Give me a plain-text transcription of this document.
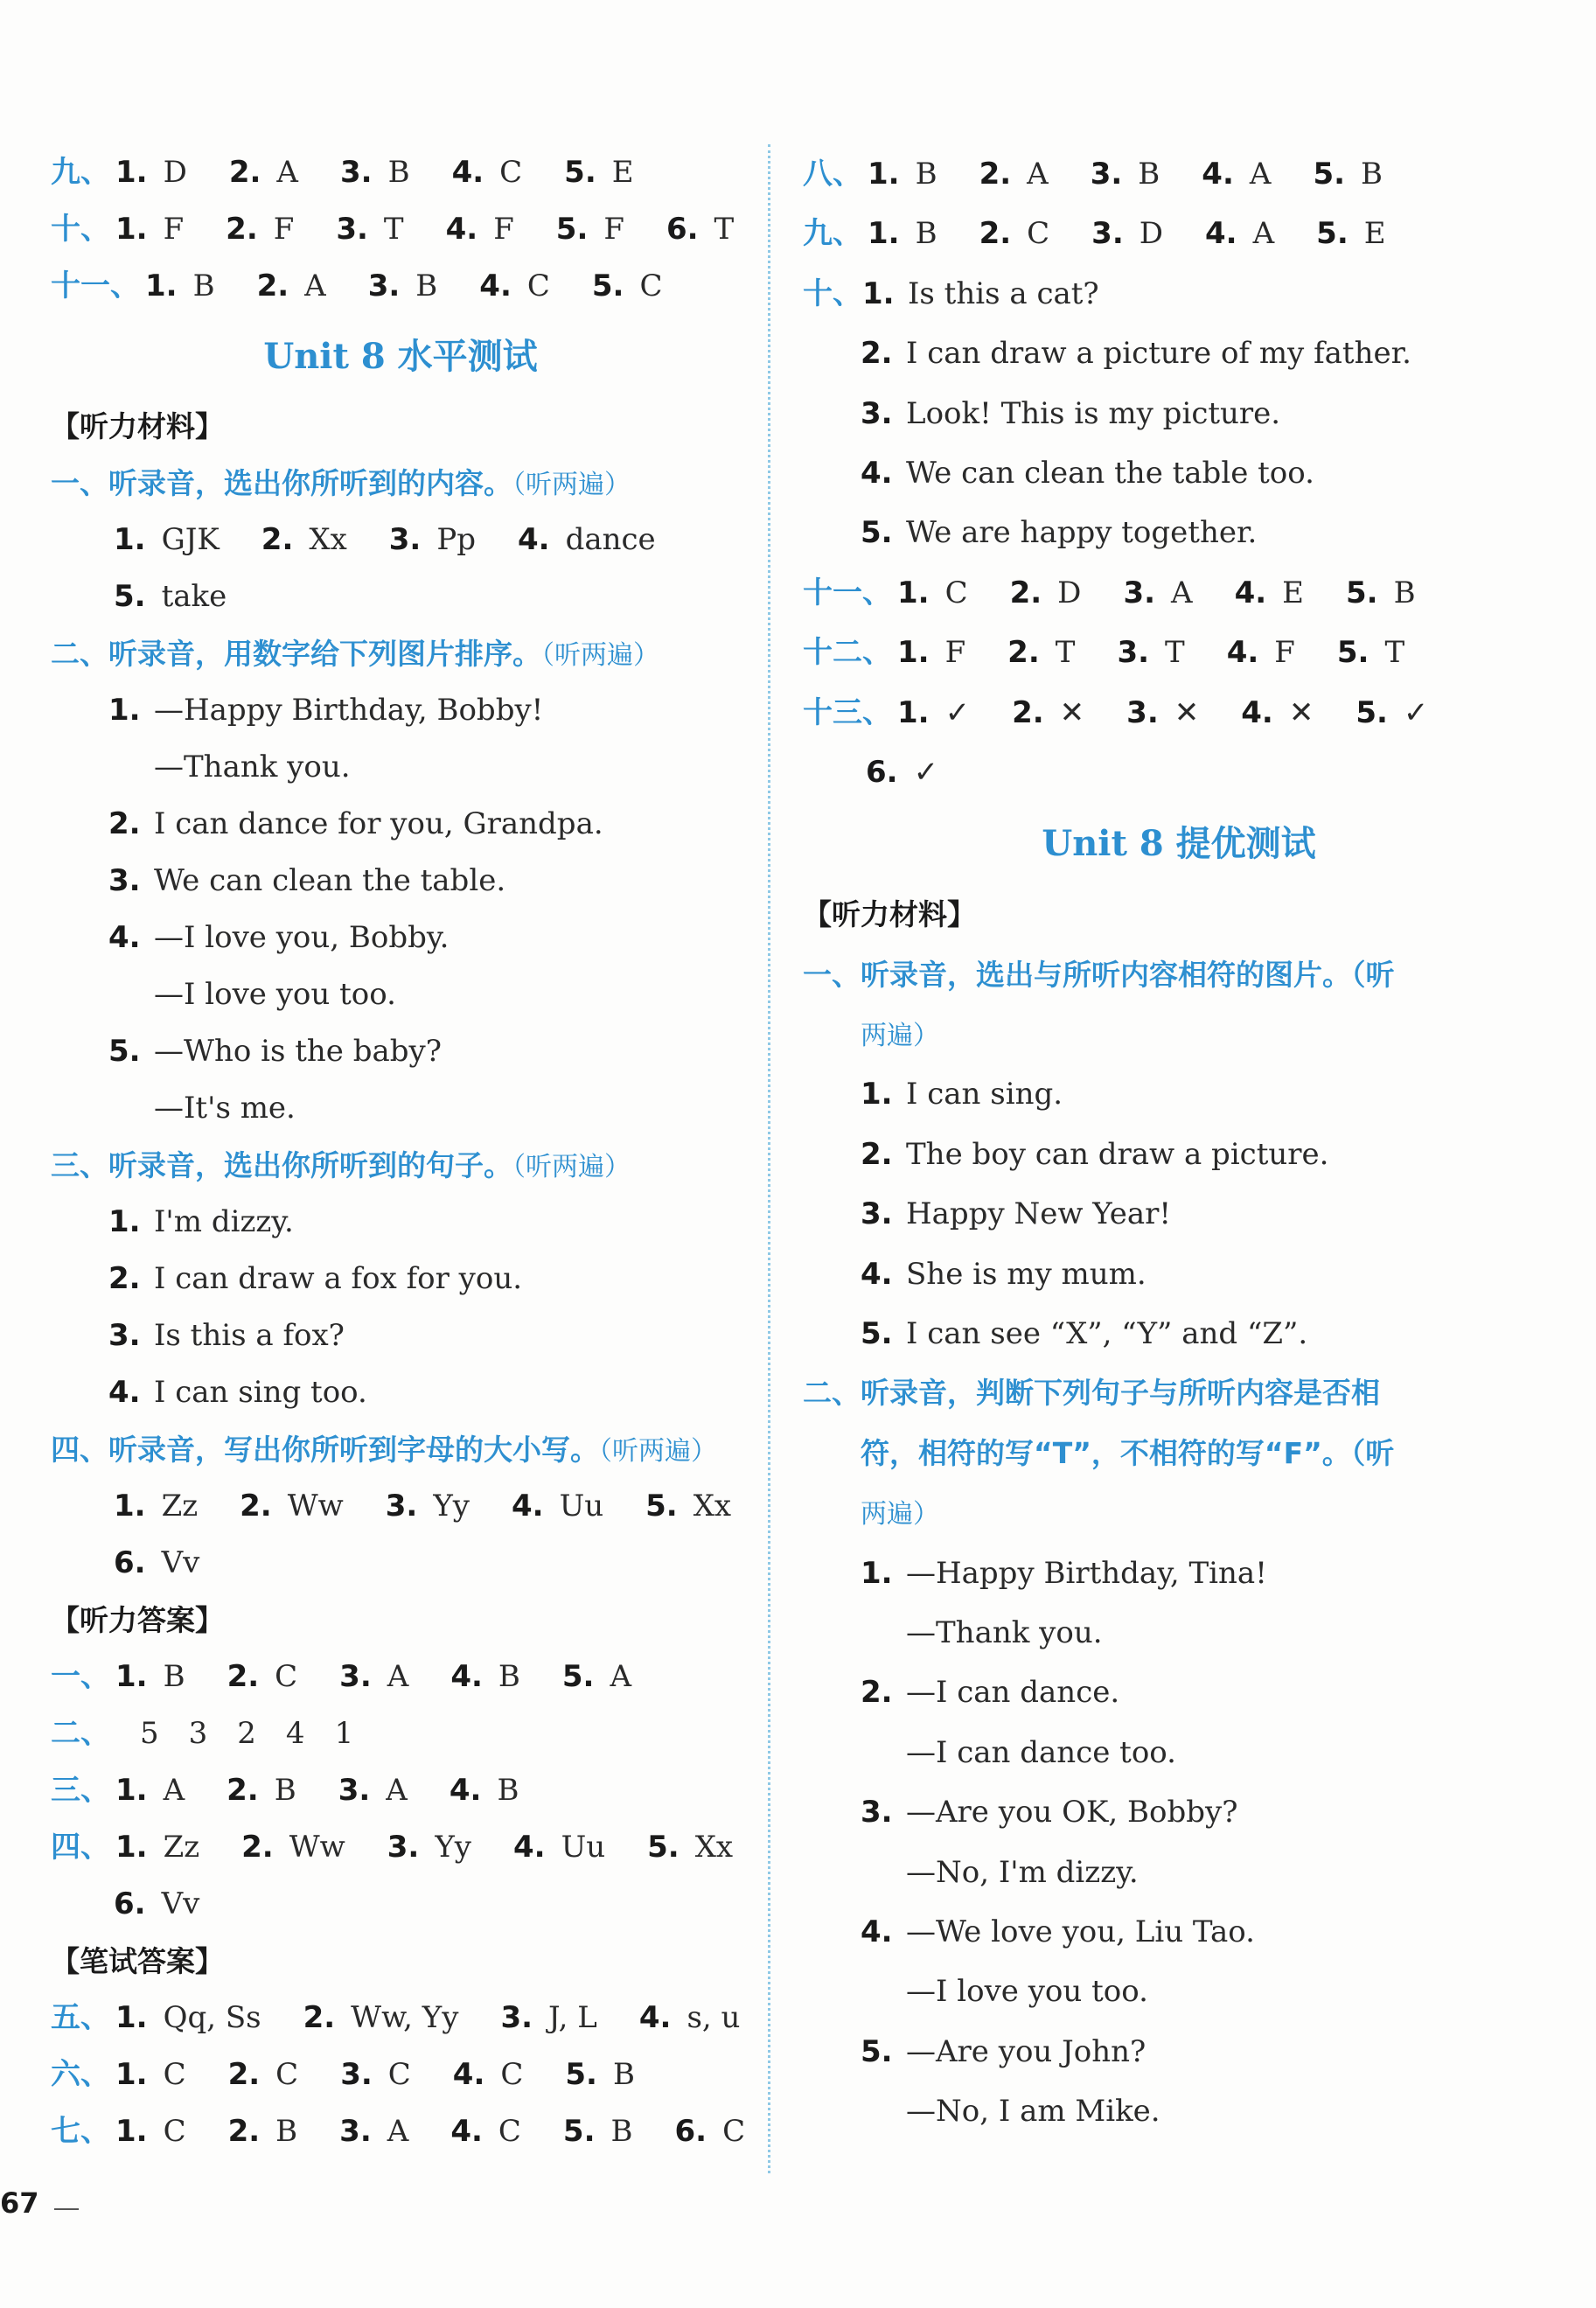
九、 1. D 2. A 3. B 4. C 5. E
十、 1. F 2. F 3. T 4. F 5. F 6. T
十一、 1. B 2. A 3. B 4. C 5. C
Unit 8 水平测试
【听力材料】
一、听录音，选出你所听到的内容。（听两遍）
1. GJK 2. Xx 3. Pp 4. dance
5. take
二、听录音，用数字给下列图片排序。（听两遍）
1. —Happy Birthday, Bobby!
—Thank you.
2. I can dance for you, Grandpa.
3. We can clean the table.
4. —I love you, Bobby.
—I love you too.
5. —Who is the baby?
—It's me.
三、听录音，选出你所听到的句子。（听两遍）
1. I'm dizzy.
2. I can draw a fox for you.
3. Is this a fox?
4. I can sing too.
四、听录音，写出你所听到字母的大小写。（听两遍）
1. Zz 2. Ww 3. Yy 4. Uu 5. Xx
6. Vv
【听力答案】
一、 1. B 2. C 3. A 4. B 5. A
二、 5 3 2 4 1
三、 1. A 2. B 3. A 4. B
四、 1. Zz 2. Ww 3. Yy 4. Uu 5. Xx
6. Vv
【笔试答案】
五、 1. Qq, Ss 2. Ww, Yy 3. J, L 4. s, u
六、 1. C 2. C 3. C 4. C 5. B
七、 1. C 2. B 3. A 4. C 5. B 6. C
八、 1. B 2. A 3. B 4. A 5. B
九、 1. B 2. C 3. D 4. A 5. E
十、1. Is this a cat?
2. I can draw a picture of my father.
3. Look! This is my picture.
4. We can clean the table too.
5. We are happy together.
十一、 1. C 2. D 3. A 4. E 5. B
十二、 1. F 2. T 3. T 4. F 5. T
十三、 1. ✓ 2. ✕ 3. ✕ 4. ✕ 5. ✓
6. ✓
Unit 8 提优测试
【听力材料】
一、听录音，选出与所听内容相符的图片。（听
两遍）
1. I can sing.
2. The boy can draw a picture.
3. Happy New Year!
4. She is my mum.
5. I can see “X”, “Y” and “Z”.
二、听录音，判断下列句子与所听内容是否相
符，相符的写“T”，不相符的写“F”。（听
两遍）
1. —Happy Birthday, Tina!
—Thank you.
2. —I can dance.
—I can dance too.
3. —Are you OK, Bobby?
—No, I'm dizzy.
4. —We love you, Liu Tao.
—I love you too.
5. —Are you John?
—No, I am Mike.
67
